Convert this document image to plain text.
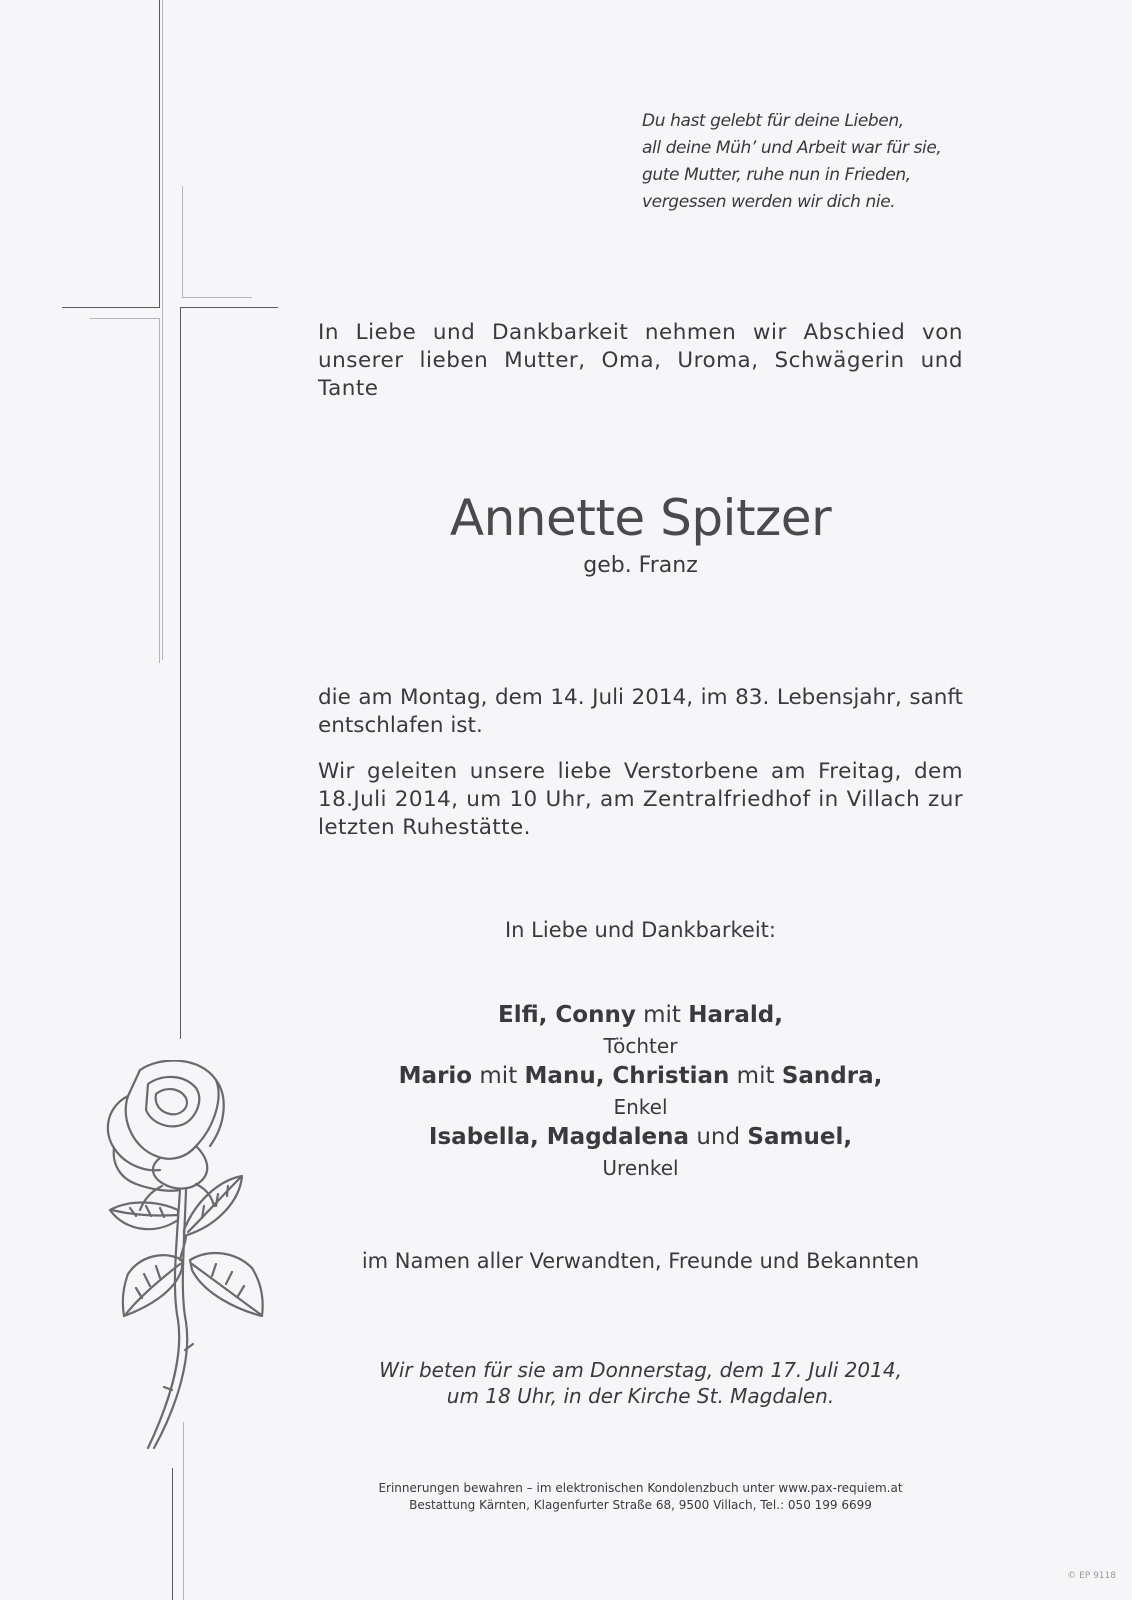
Du hast gelebt für deine Lieben,
all deine Müh’ und Arbeit war für sie,
gute Mutter, ruhe nun in Frieden,
vergessen werden wir dich nie.

In Liebe und Dankbarkeit nehmen wir Abschied von unserer lieben Mutter, Oma, Uroma, Schwägerin und Tante

Annette Spitzer
geb. Franz

die am Montag, dem 14. Juli 2014, im 83. Lebensjahr, sanft entschlafen ist.

Wir geleiten unsere liebe Verstorbene am Freitag, dem 18.Juli 2014, um 10 Uhr, am Zentralfriedhof in Villach zur letzten Ruhestätte.

In Liebe und Dankbarkeit:
Elfi, Conny mit Harald,
Töchter
Mario mit Manu, Christian mit Sandra,
Enkel
Isabella, Magdalena und Samuel,
Urenkel
im Namen aller Verwandten, Freunde und Bekannten
Wir beten für sie am Donnerstag, dem 17. Juli 2014,
um 18 Uhr, in der Kirche St. Magdalen.
Erinnerungen bewahren – im elektronischen Kondolenzbuch unter www.pax-requiem.at
Bestattung Kärnten, Klagenfurter Straße 68, 9500 Villach, Tel.: 050 199 6699
© EP 9118
